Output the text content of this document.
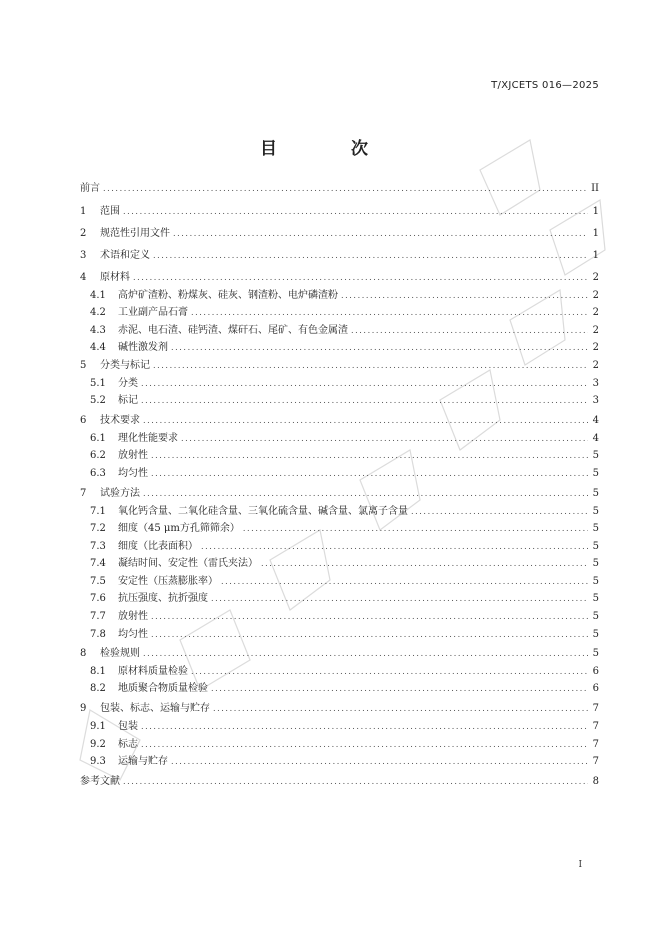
T/XJCETS 016—2025
目 次
前言 .....	II
1	范围 .....	1
2	规范性引用文件 .....	1
3	术语和定义 .....	1
4	原材料 .....	2
4.1	高炉矿渣粉、粉煤灰、硅灰、钢渣粉、电炉磷渣粉 .....	2
4.2	工业副产品石膏 .....	2
4.3	赤泥、电石渣、硅钙渣、煤矸石、尾矿、有色金属渣 .....	2
4.4	碱性激发剂 .....	2
5	分类与标记 .....	2
5.1	分类 .....	3
5.2	标记 .....	3
6	技术要求 .....	4
6.1	理化性能要求 .....	4
6.2	放射性 .....	5
6.3	均匀性 .....	5
7	试验方法 .....	5
7.1	氧化钙含量、二氧化硅含量、三氧化硫含量、碱含量、氯离子含量 .....	5
7.2	细度（45 μm方孔筛筛余） .....	5
7.3	细度（比表面积） .....	5
7.4	凝结时间、安定性（雷氏夹法） .....	5
7.5	安定性（压蒸膨胀率） .....	5
7.6	抗压强度、抗折强度 .....	5
7.7	放射性 .....	5
7.8	均匀性 .....	5
8	检验规则 .....	5
8.1	原材料质量检验 .....	6
8.2	地质聚合物质量检验 .....	6
9	包装、标志、运输与贮存 .....	7
9.1	包装 .....	7
9.2	标志 .....	7
9.3	运输与贮存 .....	7
参考文献 .....	8
I
